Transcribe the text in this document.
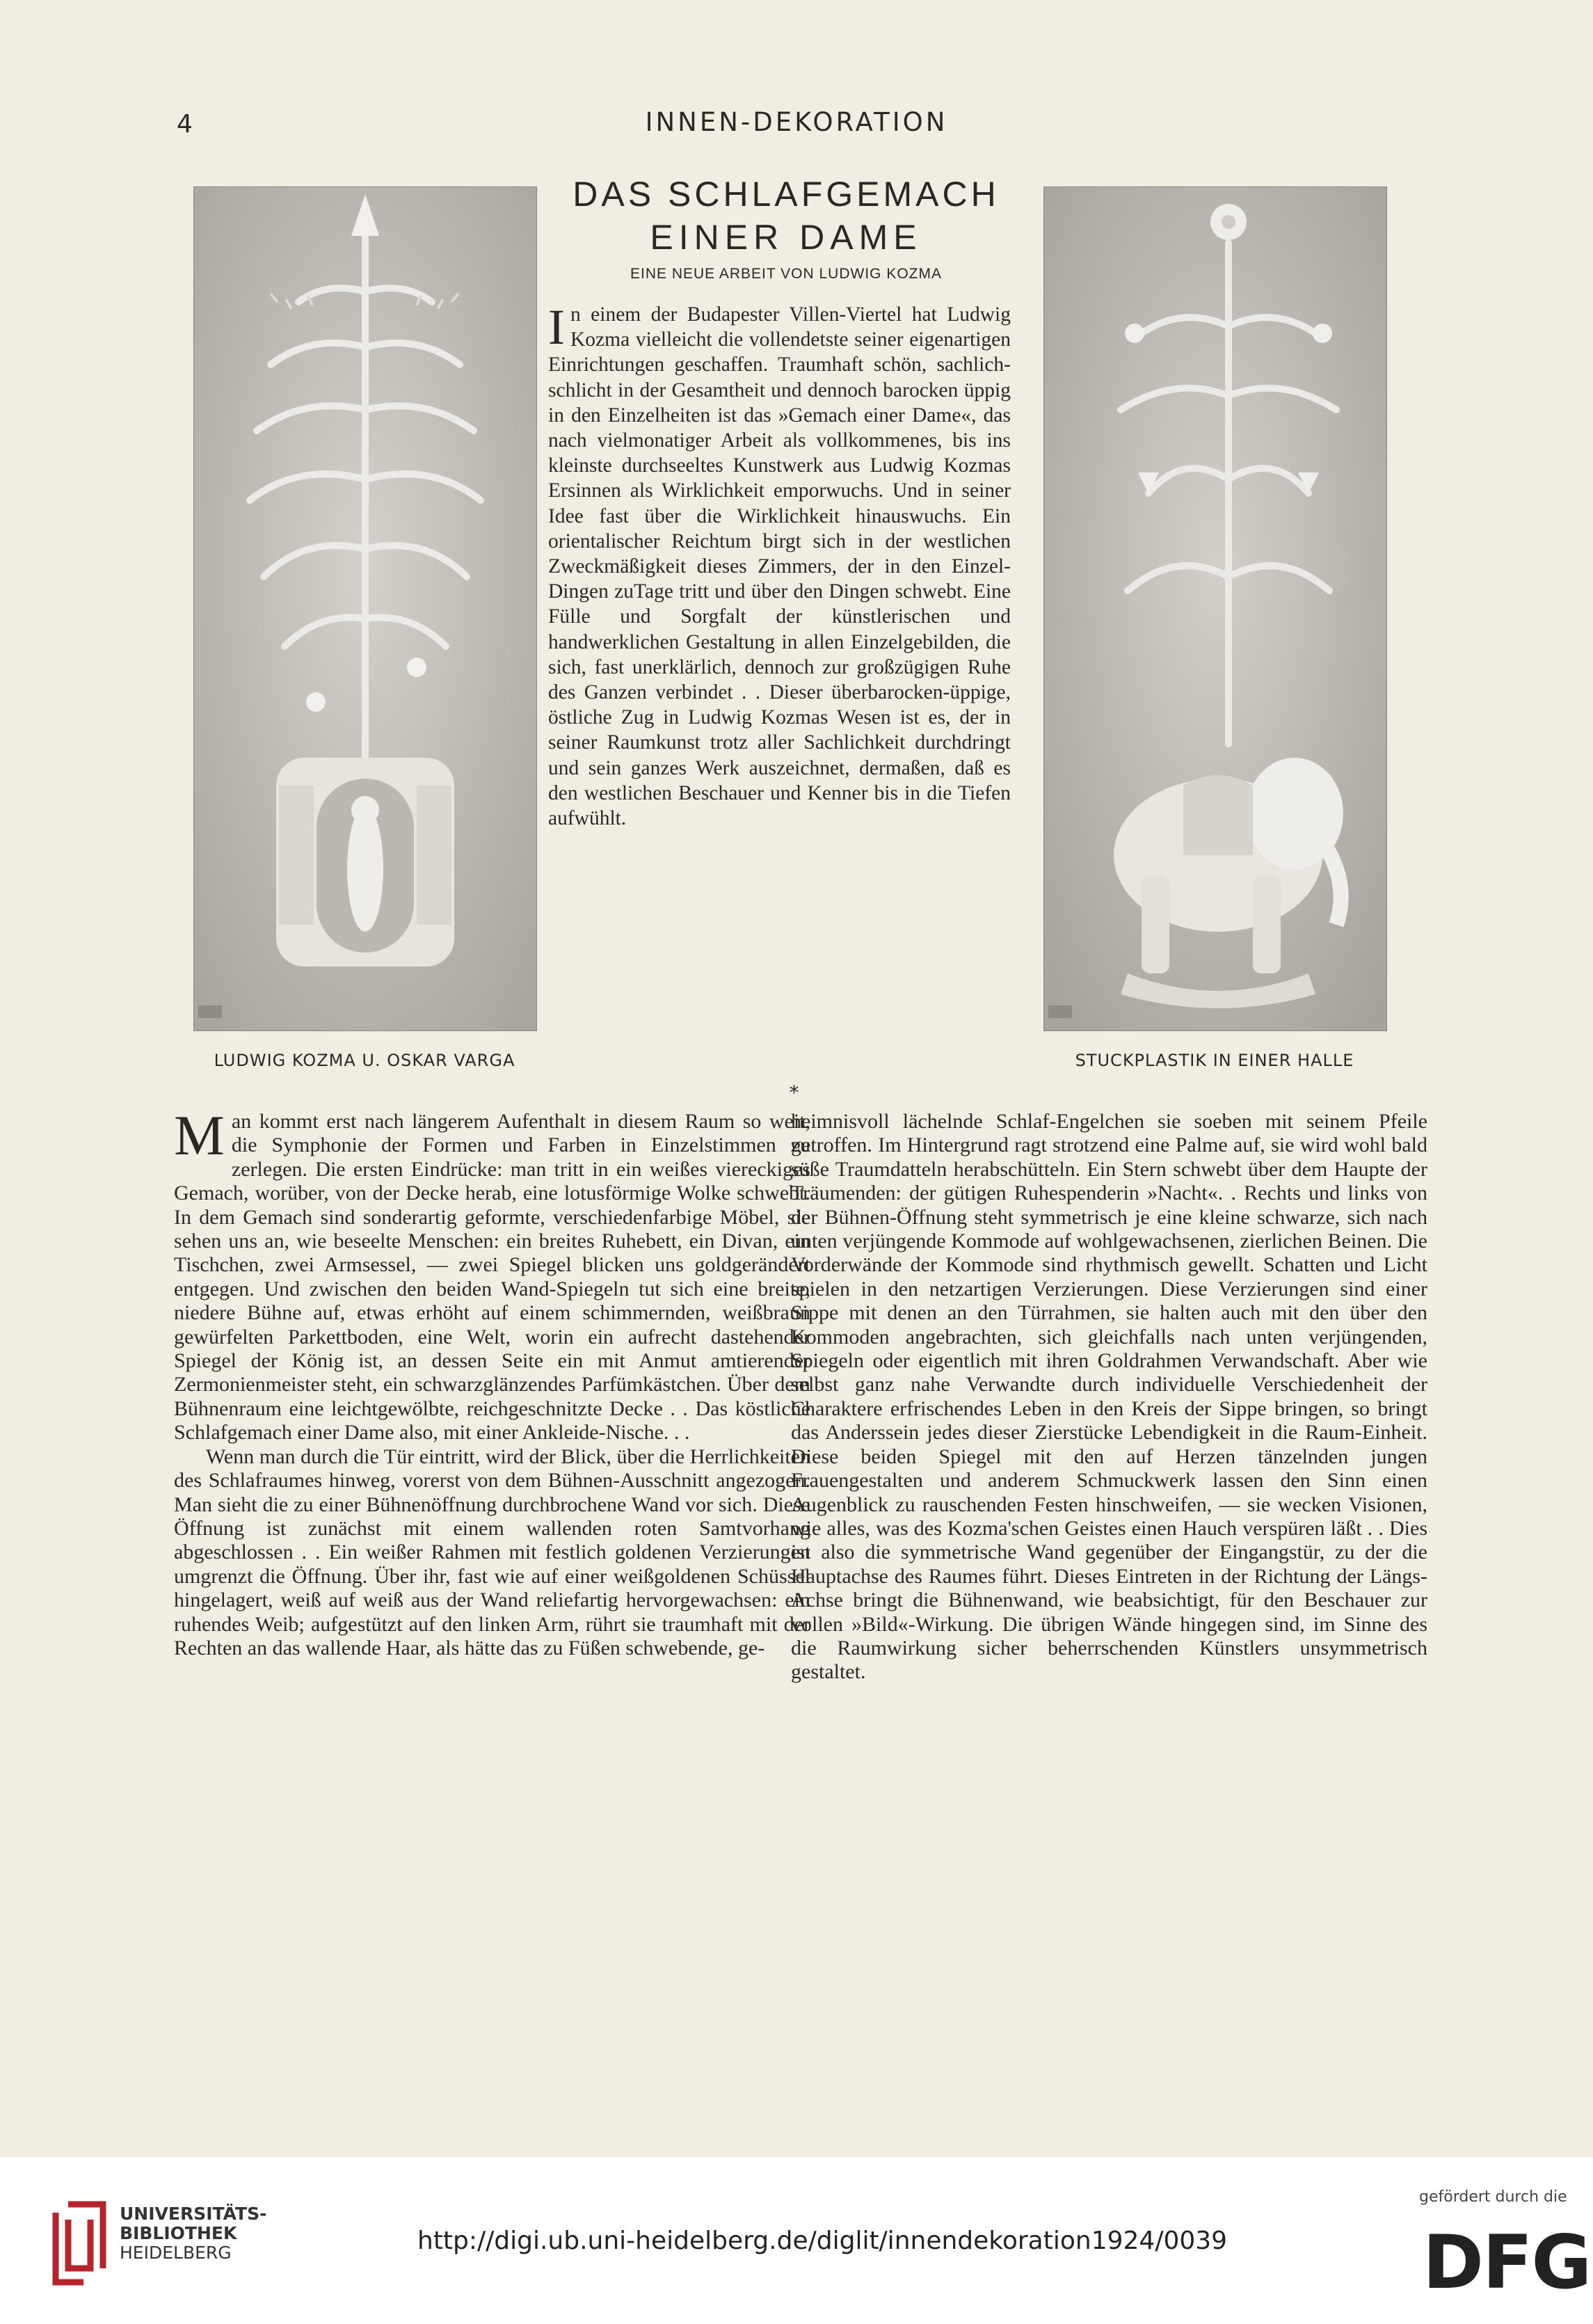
4	INNEN-DEKORATION
LUDWIG KOZMA U. OSKAR VARGA	STUCKPLASTIK IN EINER HALLE
DAS SCHLAFGEMACH
EINER DAME
EINE NEUE ARBEIT VON LUDWIG KOZMA

In einem der Budapester Villen-Viertel hat Ludwig Kozma vielleicht die vollendetste seiner eigenartigen Einrichtungen geschaffen. Traumhaft schön, sachlich-schlicht in der Gesamtheit und dennoch barocken üppig in den Einzelheiten ist das »Gemach einer Dame«, das nach vielmonatiger Arbeit als vollkommenes, bis ins kleinste durchseeltes Kunstwerk aus Ludwig Kozmas Ersinnen als Wirklichkeit emporwuchs. Und in seiner Idee fast über die Wirklichkeit hinauswuchs. Ein orientalischer Reichtum birgt sich in der westlichen Zweckmäßigkeit dieses Zimmers, der in den Einzel-Dingen zuTage tritt und über den Dingen schwebt. Eine Fülle und Sorgfalt der künstlerischen und handwerklichen Gestaltung in allen Einzelgebilden, die sich, fast unerklärlich, dennoch zur großzügigen Ruhe des Ganzen verbindet . . Dieser überbarocken-üppige, östliche Zug in Ludwig Kozmas Wesen ist es, der in seiner Raumkunst trotz aller Sachlichkeit durchdringt und sein ganzes Werk auszeichnet, dermaßen, daß es den westlichen Beschauer und Kenner bis in die Tiefen aufwühlt.

*

Man kommt erst nach längerem Aufenthalt in diesem Raum so weit, die Symphonie der Formen und Farben in Einzelstimmen zu zerlegen. Die ersten Eindrücke: man tritt in ein weißes viereckiges Gemach, worüber, von der Decke herab, eine lotusförmige Wolke schwebt. In dem Gemach sind sonderartig geformte, verschiedenfarbige Möbel, sie sehen uns an, wie beseelte Menschen: ein breites Ruhebett, ein Divan, ein Tischchen, zwei Armsessel, — zwei Spiegel blicken uns goldgerändert entgegen. Und zwischen den beiden Wand-Spiegeln tut sich eine breite, niedere Bühne auf, etwas erhöht auf einem schimmernden, weißbraun gewürfelten Parkettboden, eine Welt, worin ein aufrecht dastehender Spiegel der König ist, an dessen Seite ein mit Anmut amtierender Zermonienmeister steht, ein schwarzglänzendes Parfümkästchen. Über dem Bühnenraum eine leichtgewölbte, reichgeschnitzte Decke . . Das köstliche Schlafgemach einer Dame also, mit einer Ankleide-Nische. . .

Wenn man durch die Tür eintritt, wird der Blick, über die Herrlichkeiten des Schlafraumes hinweg, vorerst von dem Bühnen-Ausschnitt angezogen. Man sieht die zu einer Bühnenöffnung durchbrochene Wand vor sich. Diese Öffnung ist zunächst mit einem wallenden roten Samtvorhang abgeschlossen . . Ein weißer Rahmen mit festlich goldenen Verzierungen umgrenzt die Öffnung. Über ihr, fast wie auf einer weißgoldenen Schüssel hingelagert, weiß auf weiß aus der Wand reliefartig hervorgewachsen: ein ruhendes Weib; aufgestützt auf den linken Arm, rührt sie traumhaft mit der Rechten an das wallende Haar, als hätte das zu Füßen schwebende, ge-

heimnisvoll lächelnde Schlaf-Engelchen sie soeben mit seinem Pfeile getroffen. Im Hintergrund ragt strotzend eine Palme auf, sie wird wohl bald süße Traumdatteln herabschütteln. Ein Stern schwebt über dem Haupte der Träumenden: der gütigen Ruhespenderin »Nacht«. . Rechts und links von der Bühnen-Öffnung steht symmetrisch je eine kleine schwarze, sich nach unten verjüngende Kommode auf wohlgewachsenen, zierlichen Beinen. Die Vorderwände der Kommode sind rhythmisch gewellt. Schatten und Licht spielen in den netzartigen Verzierungen. Diese Verzierungen sind einer Sippe mit denen an den Türrahmen, sie halten auch mit den über den Kommoden angebrachten, sich gleichfalls nach unten verjüngenden, Spiegeln oder eigentlich mit ihren Goldrahmen Verwandschaft. Aber wie selbst ganz nahe Verwandte durch individuelle Verschiedenheit der Charaktere erfrischendes Leben in den Kreis der Sippe bringen, so bringt das Anderssein jedes dieser Zierstücke Lebendigkeit in die Raum-Einheit. Diese beiden Spiegel mit den auf Herzen tänzelnden jungen Frauengestalten und anderem Schmuckwerk lassen den Sinn einen Augenblick zu rauschenden Festen hinschweifen, — sie wecken Visionen, wie alles, was des Kozma'schen Geistes einen Hauch verspüren läßt . . Dies ist also die symmetrische Wand gegenüber der Eingangstür, zu der die Hauptachse des Raumes führt. Dieses Eintreten in der Richtung der Längs-Achse bringt die Bühnenwand, wie beabsichtigt, für den Beschauer zur vollen »Bild«-Wirkung. Die übrigen Wände hingegen sind, im Sinne des die Raumwirkung sicher beherrschenden Künstlers unsymmetrisch gestaltet.

UNIVERSITÄTS-
BIBLIOTHEK
HEIDELBERG	http://digi.ub.uni-heidelberg.de/diglit/innendekoration1924/0039
gefördert durch die
DFG
